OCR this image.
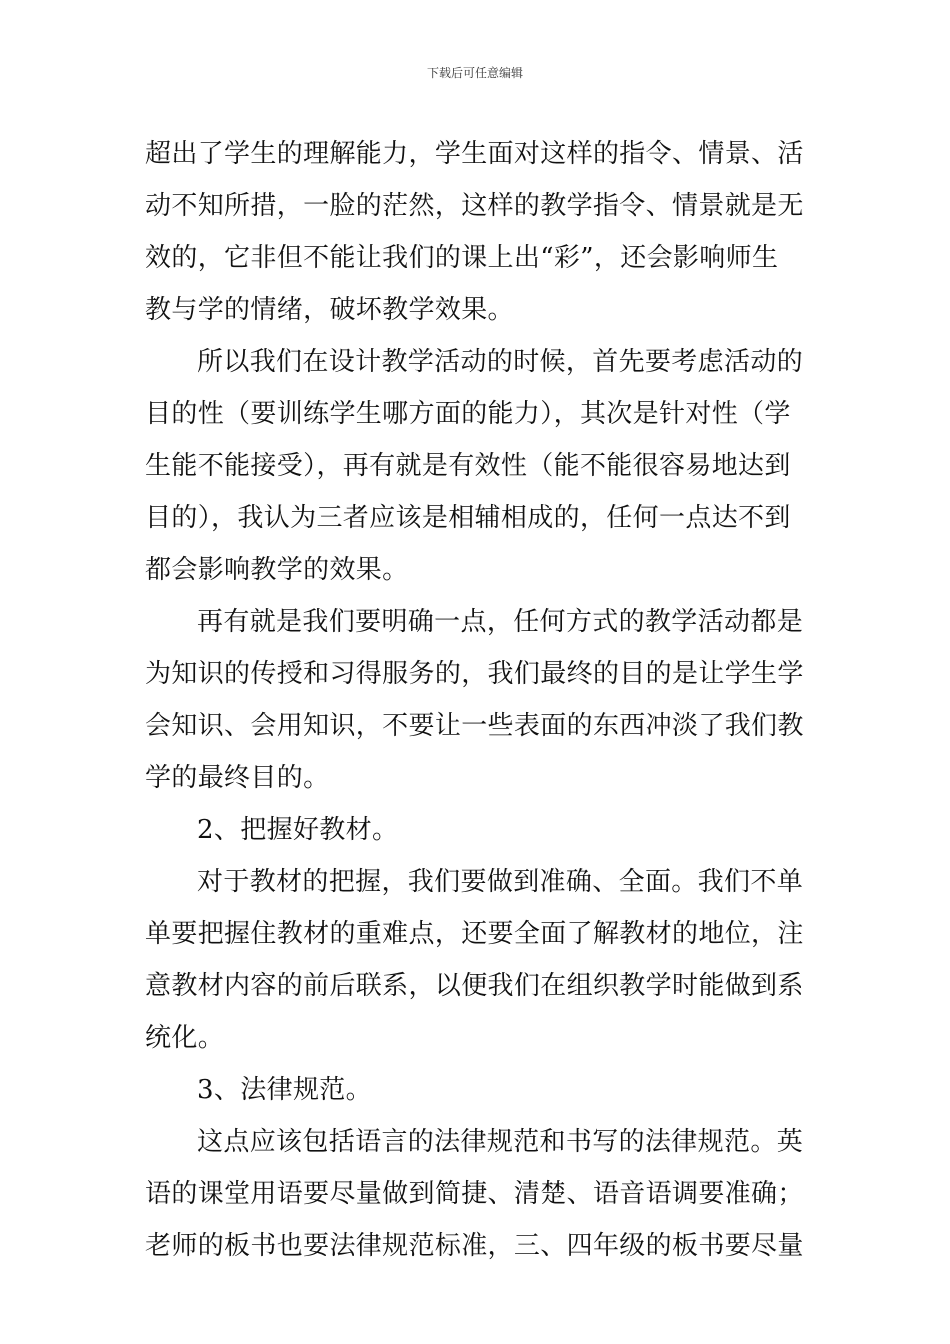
下载后可任意编辑
超出了学生的理解能力，学生面对这样的指令、情景、活
动不知所措，一脸的茫然，这样的教学指令、情景就是无
效的，它非但不能让我们的课上出“彩”，还会影响师生
教与学的情绪，破坏教学效果。
所以我们在设计教学活动的时候，首先要考虑活动的
目的性（要训练学生哪方面的能力），其次是针对性（学
生能不能接受），再有就是有效性（能不能很容易地达到
目的），我认为三者应该是相辅相成的，任何一点达不到
都会影响教学的效果。
再有就是我们要明确一点，任何方式的教学活动都是
为知识的传授和习得服务的，我们最终的目的是让学生学
会知识、会用知识，不要让一些表面的东西冲淡了我们教
学的最终目的。
2、把握好教材。
对于教材的把握，我们要做到准确、全面。我们不单
单要把握住教材的重难点，还要全面了解教材的地位，注
意教材内容的前后联系，以便我们在组织教学时能做到系
统化。
3、法律规范。
这点应该包括语言的法律规范和书写的法律规范。英
语的课堂用语要尽量做到简捷、清楚、语音语调要准确；
老师的板书也要法律规范标准，三、四年级的板书要尽量
